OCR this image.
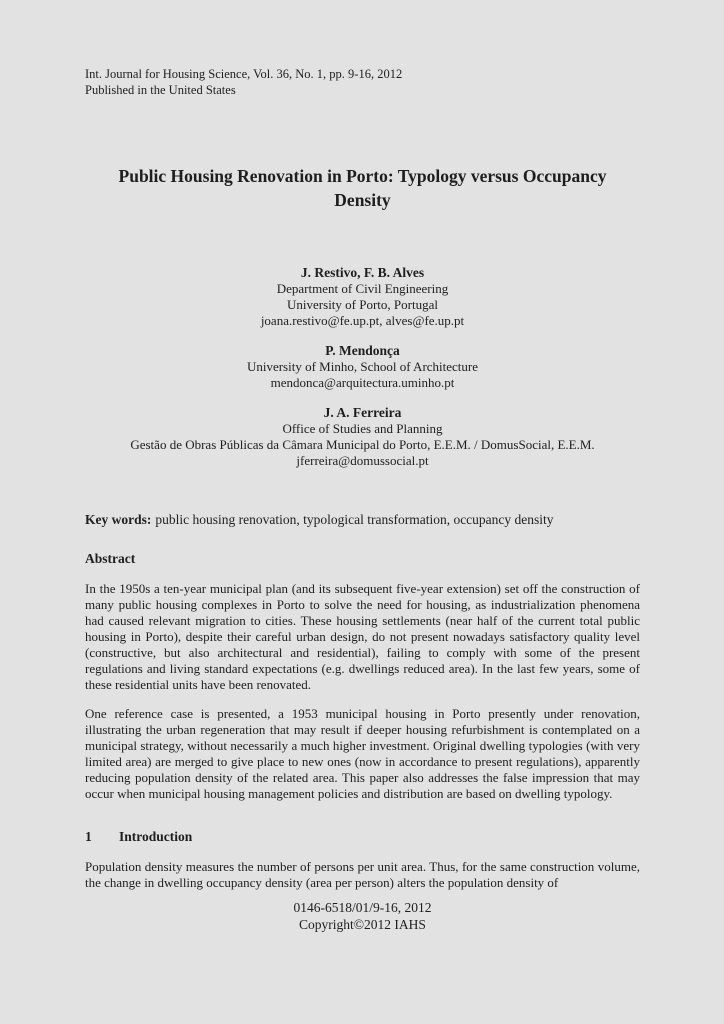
Int. Journal for Housing Science, Vol. 36, No. 1, pp. 9-16, 2012
Published in the United States
Public Housing Renovation in Porto: Typology versus Occupancy Density
J. Restivo, F. B. Alves
Department of Civil Engineering
University of Porto, Portugal
joana.restivo@fe.up.pt, alves@fe.up.pt
P. Mendonça
University of Minho, School of Architecture
mendonca@arquitectura.uminho.pt
J. A. Ferreira
Office of Studies and Planning
Gestão de Obras Públicas da Câmara Municipal do Porto, E.E.M. / DomusSocial, E.E.M.
jferreira@domussocial.pt

Key words: public housing renovation, typological transformation, occupancy density

Abstract

In the 1950s a ten-year municipal plan (and its subsequent five-year extension) set off the construction of many public housing complexes in Porto to solve the need for housing, as industrialization phenomena had caused relevant migration to cities. These housing settlements (near half of the current total public housing in Porto), despite their careful urban design, do not present nowadays satisfactory quality level (constructive, but also architectural and residential), failing to comply with some of the present regulations and living standard expectations (e.g. dwellings reduced area). In the last few years, some of these residential units have been renovated.

One reference case is presented, a 1953 municipal housing in Porto presently under renovation, illustrating the urban regeneration that may result if deeper housing refurbishment is contemplated on a municipal strategy, without necessarily a much higher investment. Original dwelling typologies (with very limited area) are merged to give place to new ones (now in accordance to present regulations), apparently reducing population density of the related area. This paper also addresses the false impression that may occur when municipal housing management policies and distribution are based on dwelling typology.

1 Introduction

Population density measures the number of persons per unit area. Thus, for the same construction volume, the change in dwelling occupancy density (area per person) alters the population density of

0146-6518/01/9-16, 2012
Copyright©2012 IAHS
